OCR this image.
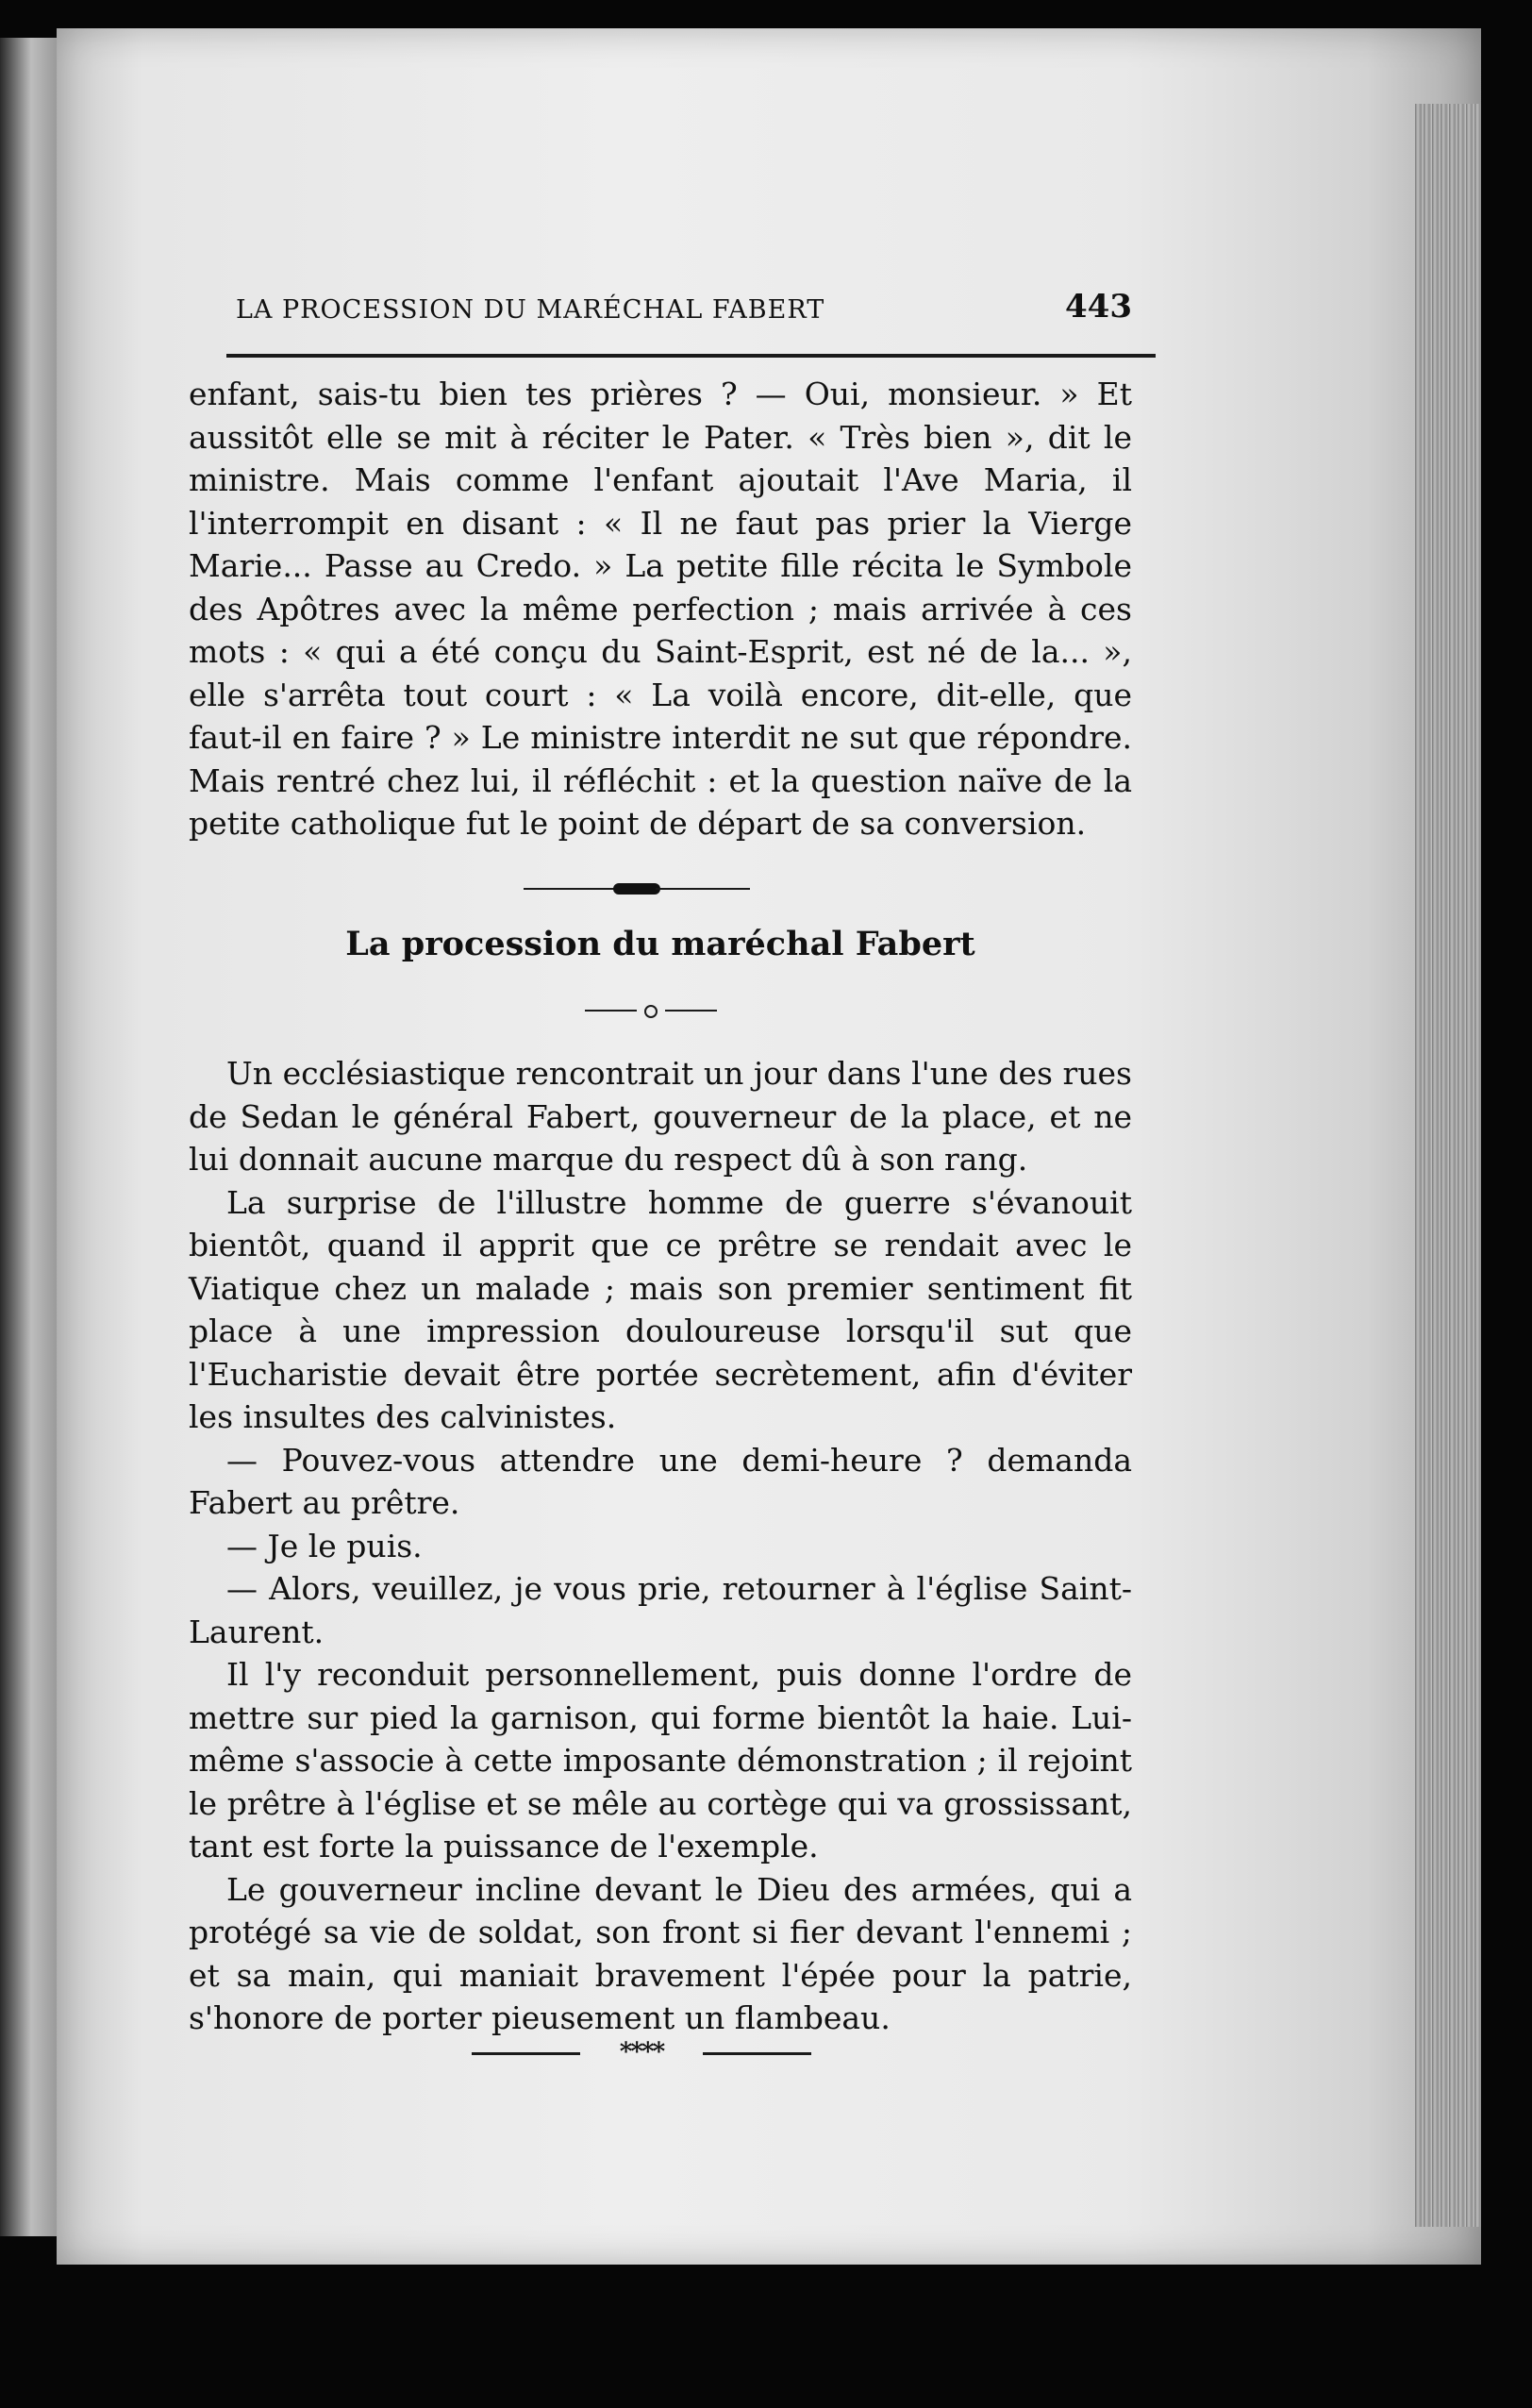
LA PROCESSION DU MARÉCHAL FABERT	443

enfant, sais-tu bien tes prières ? — Oui, monsieur. » Et aussitôt elle se mit à réciter le Pater. « Très bien », dit le ministre. Mais comme l'enfant ajoutait l'Ave Maria, il l'interrompit en disant : « Il ne faut pas prier la Vierge Marie... Passe au Credo. » La petite fille récita le Symbole des Apôtres avec la même perfection ; mais arrivée à ces mots : « qui a été conçu du Saint-Esprit, est né de la... », elle s'arrêta tout court : « La voilà encore, dit-elle, que faut-il en faire ? » Le ministre interdit ne sut que répondre. Mais rentré chez lui, il réfléchit : et la question naïve de la petite catholique fut le point de départ de sa conversion.

La procession du maréchal Fabert

Un ecclésiastique rencontrait un jour dans l'une des rues de Sedan le général Fabert, gouverneur de la place, et ne lui donnait aucune marque du respect dû à son rang.

La surprise de l'illustre homme de guerre s'évanouit bientôt, quand il apprit que ce prêtre se rendait avec le Viatique chez un malade ; mais son premier sentiment fit place à une impression douloureuse lorsqu'il sut que l'Eucharistie devait être portée secrètement, afin d'éviter les insultes des calvinistes.

— Pouvez-vous attendre une demi-heure ? demanda Fabert au prêtre.

— Je le puis.

— Alors, veuillez, je vous prie, retourner à l'église Saint-Laurent.

Il l'y reconduit personnellement, puis donne l'ordre de mettre sur pied la garnison, qui forme bientôt la haie. Lui-même s'associe à cette imposante démonstration ; il rejoint le prêtre à l'église et se mêle au cortège qui va grossissant, tant est forte la puissance de l'exemple.

Le gouverneur incline devant le Dieu des armées, qui a protégé sa vie de soldat, son front si fier devant l'ennemi ; et sa main, qui maniait bravement l'épée pour la patrie, s'honore de porter pieusement un flambeau.

****
